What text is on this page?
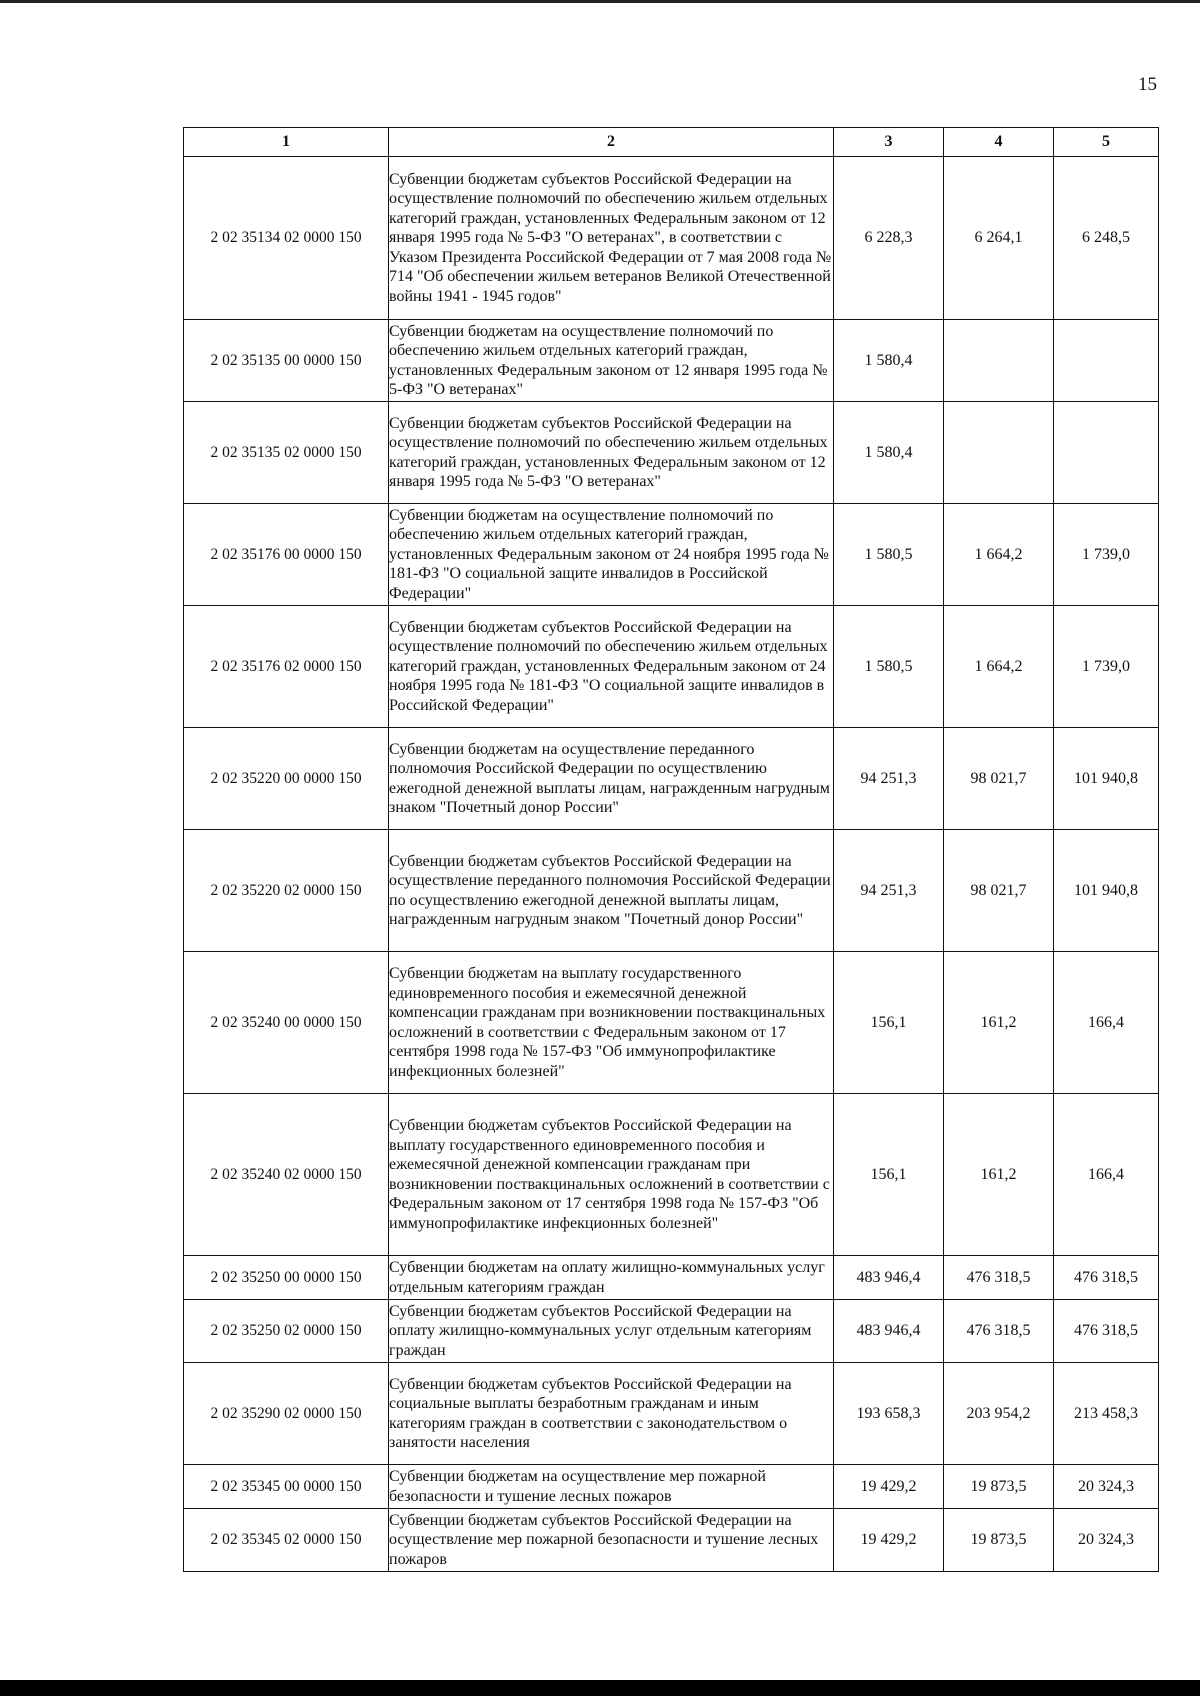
15
1	2	3	4	5
2 02 35134 02 0000 150	Субвенции бюджетам субъектов Российской Федерации на осуществление полномочий по обеспечению жильем отдельных категорий граждан, установленных Федеральным законом от 12 января 1995 года № 5-ФЗ "О ветеранах", в соответствии с Указом Президента Российской Федерации от 7 мая 2008 года № 714 "Об обеспечении жильем ветеранов Великой Отечественной войны 1941 - 1945 годов"	6 228,3	6 264,1	6 248,5
2 02 35135 00 0000 150	Субвенции бюджетам на осуществление полномочий по обеспечению жильем отдельных категорий граждан, установленных Федеральным законом от 12 января 1995 года № 5-ФЗ "О ветеранах"	1 580,4		
2 02 35135 02 0000 150	Субвенции бюджетам субъектов Российской Федерации на осуществление полномочий по обеспечению жильем отдельных категорий граждан, установленных Федеральным законом от 12 января 1995 года № 5-ФЗ "О ветеранах"	1 580,4		
2 02 35176 00 0000 150	Субвенции бюджетам на осуществление полномочий по обеспечению жильем отдельных категорий граждан, установленных Федеральным законом от 24 ноября 1995 года № 181-ФЗ "О социальной защите инвалидов в Российской Федерации"	1 580,5	1 664,2	1 739,0
2 02 35176 02 0000 150	Субвенции бюджетам субъектов Российской Федерации на осуществление полномочий по обеспечению жильем отдельных категорий граждан, установленных Федеральным законом от 24 ноября 1995 года № 181-ФЗ "О социальной защите инвалидов в Российской Федерации"	1 580,5	1 664,2	1 739,0
2 02 35220 00 0000 150	Субвенции бюджетам на осуществление переданного полномочия Российской Федерации по осуществлению ежегодной денежной выплаты лицам, награжденным нагрудным знаком "Почетный донор России"	94 251,3	98 021,7	101 940,8
2 02 35220 02 0000 150	Субвенции бюджетам субъектов Российской Федерации на осуществление переданного полномочия Российской Федерации по осуществлению ежегодной денежной выплаты лицам, награжденным нагрудным знаком "Почетный донор России"	94 251,3	98 021,7	101 940,8
2 02 35240 00 0000 150	Субвенции бюджетам на выплату государственного единовременного пособия и ежемесячной денежной компенсации гражданам при возникновении поствакцинальных осложнений в соответствии с Федеральным законом от 17 сентября 1998 года № 157-ФЗ "Об иммунопрофилактике инфекционных болезней"	156,1	161,2	166,4
2 02 35240 02 0000 150	Субвенции бюджетам субъектов Российской Федерации на выплату государственного единовременного пособия и ежемесячной денежной компенсации гражданам при возникновении поствакцинальных осложнений в соответствии с Федеральным законом от 17 сентября 1998 года № 157-ФЗ "Об иммунопрофилактике инфекционных болезней"	156,1	161,2	166,4
2 02 35250 00 0000 150	Субвенции бюджетам на оплату жилищно-коммунальных услуг отдельным категориям граждан	483 946,4	476 318,5	476 318,5
2 02 35250 02 0000 150	Субвенции бюджетам субъектов Российской Федерации на оплату жилищно-коммунальных услуг отдельным категориям граждан	483 946,4	476 318,5	476 318,5
2 02 35290 02 0000 150	Субвенции бюджетам субъектов Российской Федерации на социальные выплаты безработным гражданам и иным категориям граждан в соответствии с законодательством о занятости населения	193 658,3	203 954,2	213 458,3
2 02 35345 00 0000 150	Субвенции бюджетам на осуществление мер пожарной безопасности и тушение лесных пожаров	19 429,2	19 873,5	20 324,3
2 02 35345 02 0000 150	Субвенции бюджетам субъектов Российской Федерации на осуществление мер пожарной безопасности и тушение лесных пожаров	19 429,2	19 873,5	20 324,3
